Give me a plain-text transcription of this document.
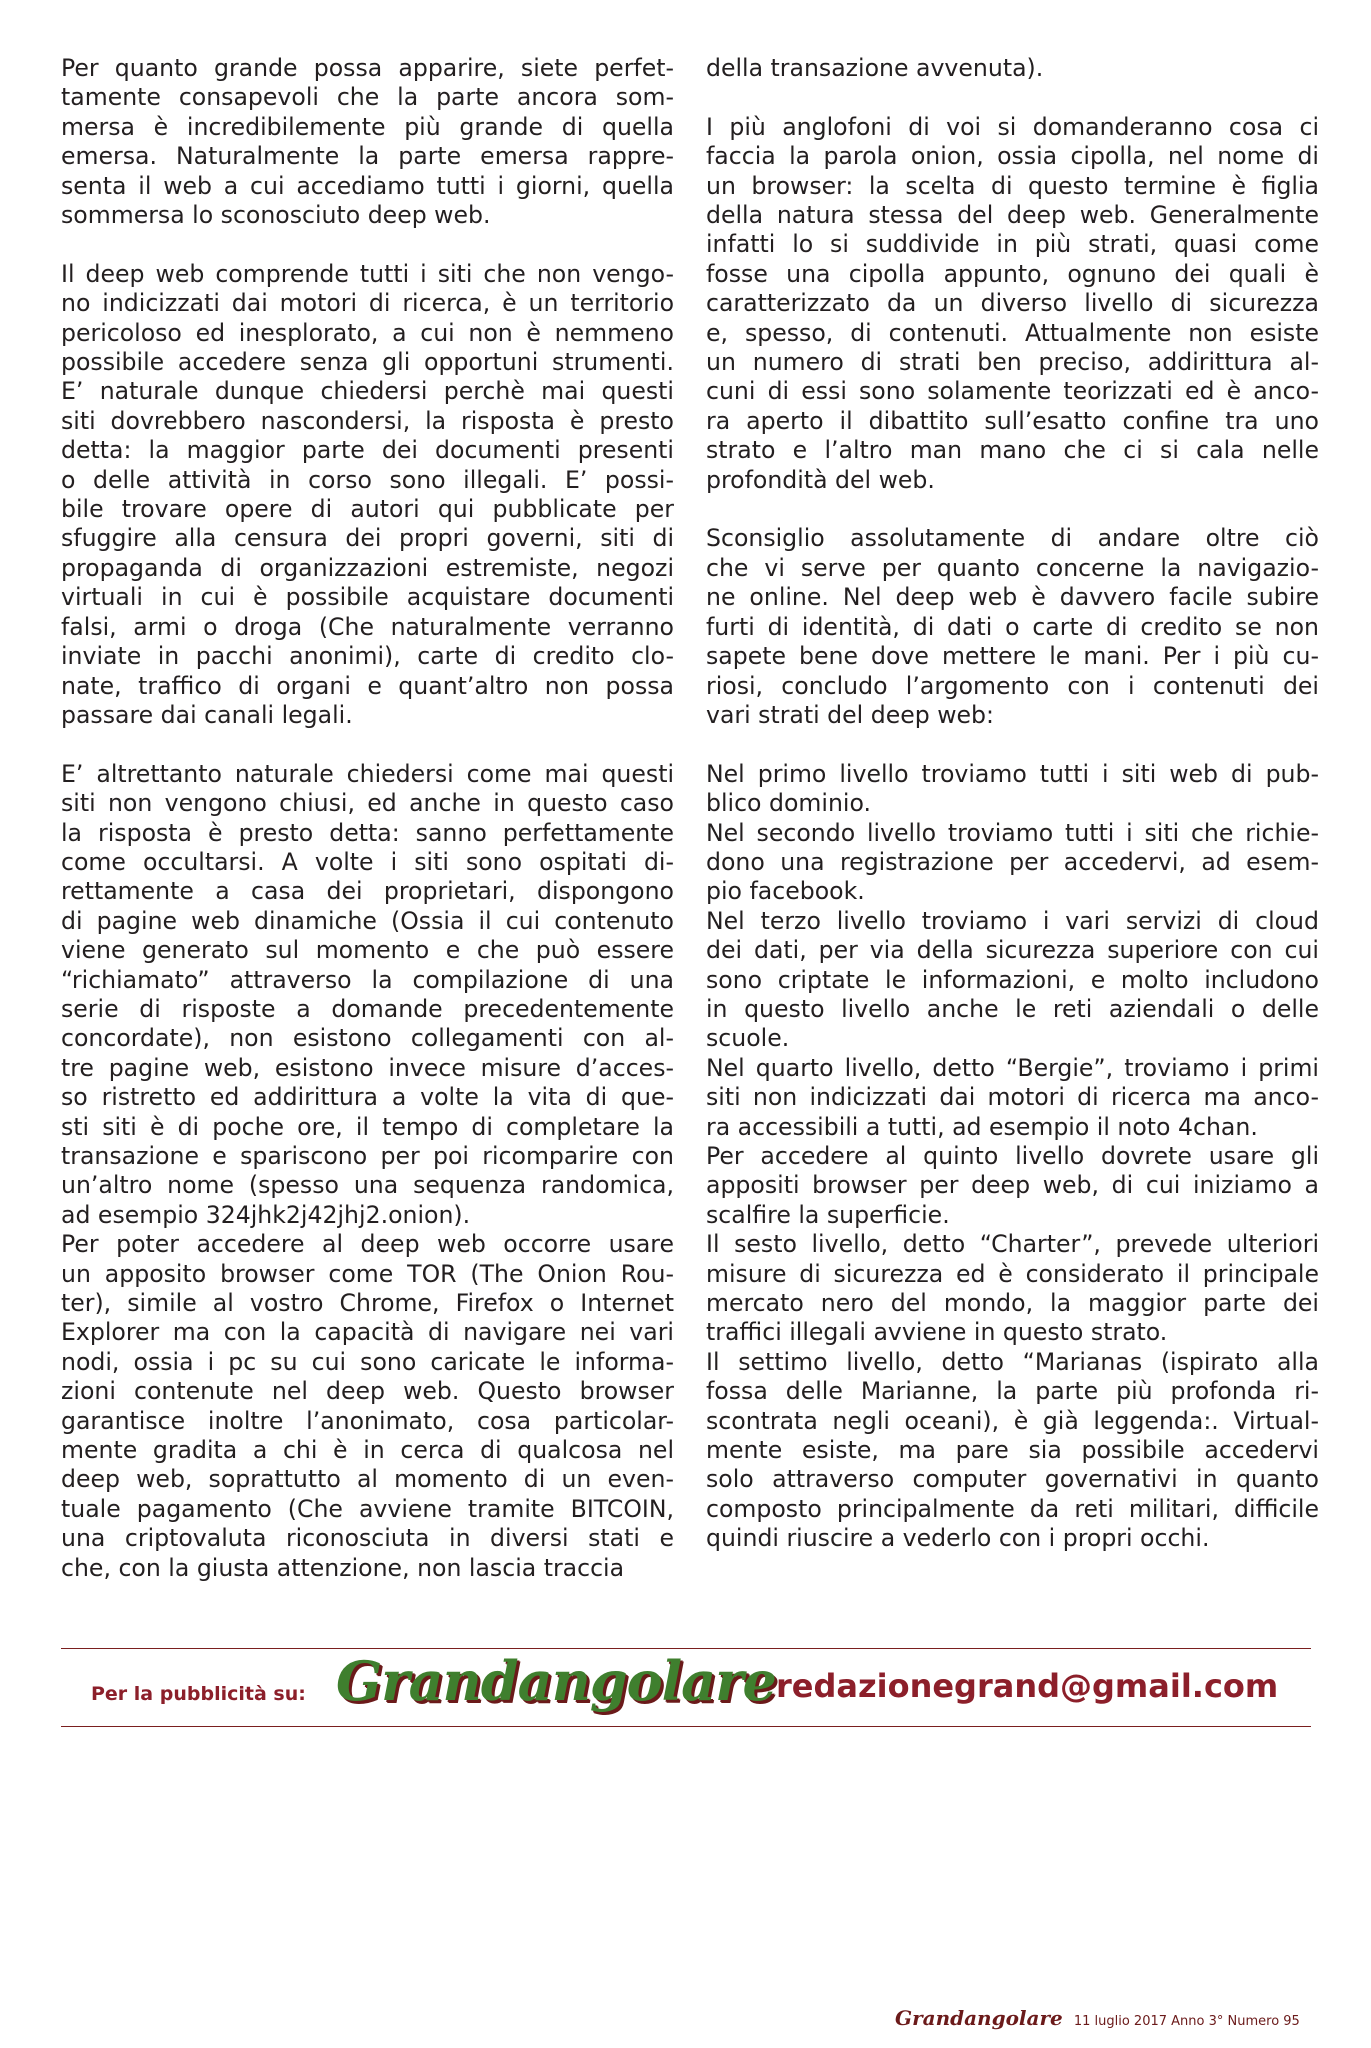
Per quanto grande possa apparire, siete perfet-
tamente consapevoli che la parte ancora som-
mersa è incredibilemente più grande di quella
emersa. Naturalmente la parte emersa rappre-
senta il web a cui accediamo tutti i giorni, quella
sommersa lo sconosciuto deep web.
Il deep web comprende tutti i siti che non vengo-
no indicizzati dai motori di ricerca, è un territorio
pericoloso ed inesplorato, a cui non è nemmeno
possibile accedere senza gli opportuni strumenti.
E’ naturale dunque chiedersi perchè mai questi
siti dovrebbero nascondersi, la risposta è presto
detta: la maggior parte dei documenti presenti
o delle attività in corso sono illegali. E’ possi-
bile trovare opere di autori qui pubblicate per
sfuggire alla censura dei propri governi, siti di
propaganda di organizzazioni estremiste, negozi
virtuali in cui è possibile acquistare documenti
falsi, armi o droga (Che naturalmente verranno
inviate in pacchi anonimi), carte di credito clo-
nate, traffico di organi e quant’altro non possa
passare dai canali legali.
E’ altrettanto naturale chiedersi come mai questi
siti non vengono chiusi, ed anche in questo caso
la risposta è presto detta: sanno perfettamente
come occultarsi. A volte i siti sono ospitati di-
rettamente a casa dei proprietari, dispongono
di pagine web dinamiche (Ossia il cui contenuto
viene generato sul momento e che può essere
“richiamato” attraverso la compilazione di una
serie di risposte a domande precedentemente
concordate), non esistono collegamenti con al-
tre pagine web, esistono invece misure d’acces-
so ristretto ed addirittura a volte la vita di que-
sti siti è di poche ore, il tempo di completare la
transazione e spariscono per poi ricomparire con
un’altro nome (spesso una sequenza randomica,
ad esempio 324jhk2j42jhj2.onion).
Per poter accedere al deep web occorre usare
un apposito browser come TOR (The Onion Rou-
ter), simile al vostro Chrome, Firefox o Internet
Explorer ma con la capacità di navigare nei vari
nodi, ossia i pc su cui sono caricate le informa-
zioni contenute nel deep web. Questo browser
garantisce inoltre l’anonimato, cosa particolar-
mente gradita a chi è in cerca di qualcosa nel
deep web, soprattutto al momento di un even-
tuale pagamento (Che avviene tramite BITCOIN,
una criptovaluta riconosciuta in diversi stati e
che, con la giusta attenzione, non lascia traccia
della transazione avvenuta).
I più anglofoni di voi si domanderanno cosa ci
faccia la parola onion, ossia cipolla, nel nome di
un browser: la scelta di questo termine è figlia
della natura stessa del deep web. Generalmente
infatti lo si suddivide in più strati, quasi come
fosse una cipolla appunto, ognuno dei quali è
caratterizzato da un diverso livello di sicurezza
e, spesso, di contenuti. Attualmente non esiste
un numero di strati ben preciso, addirittura al-
cuni di essi sono solamente teorizzati ed è anco-
ra aperto il dibattito sull’esatto confine tra uno
strato e l’altro man mano che ci si cala nelle
profondità del web.
Sconsiglio assolutamente di andare oltre ciò
che vi serve per quanto concerne la navigazio-
ne online. Nel deep web è davvero facile subire
furti di identità, di dati o carte di credito se non
sapete bene dove mettere le mani. Per i più cu-
riosi, concludo l’argomento con i contenuti dei
vari strati del deep web:
Nel primo livello troviamo tutti i siti web di pub-
blico dominio.
Nel secondo livello troviamo tutti i siti che richie-
dono una registrazione per accedervi, ad esem-
pio facebook.
Nel terzo livello troviamo i vari servizi di cloud
dei dati, per via della sicurezza superiore con cui
sono criptate le informazioni, e molto includono
in questo livello anche le reti aziendali o delle
scuole.
Nel quarto livello, detto “Bergie”, troviamo i primi
siti non indicizzati dai motori di ricerca ma anco-
ra accessibili a tutti, ad esempio il noto 4chan.
Per accedere al quinto livello dovrete usare gli
appositi browser per deep web, di cui iniziamo a
scalfire la superficie.
Il sesto livello, detto “Charter”, prevede ulteriori
misure di sicurezza ed è considerato il principale
mercato nero del mondo, la maggior parte dei
traffici illegali avviene in questo strato.
Il settimo livello, detto “Marianas (ispirato alla
fossa delle Marianne, la parte più profonda ri-
scontrata negli oceani), è già leggenda:. Virtual-
mente esiste, ma pare sia possibile accedervi
solo attraverso computer governativi in quanto
composto principalmente da reti militari, difficile
quindi riuscire a vederlo con i propri occhi.
Per la pubblicità su: Grandangolare redazionegrand@gmail.com
Grandangolare 11 luglio 2017 Anno 3° Numero 95
